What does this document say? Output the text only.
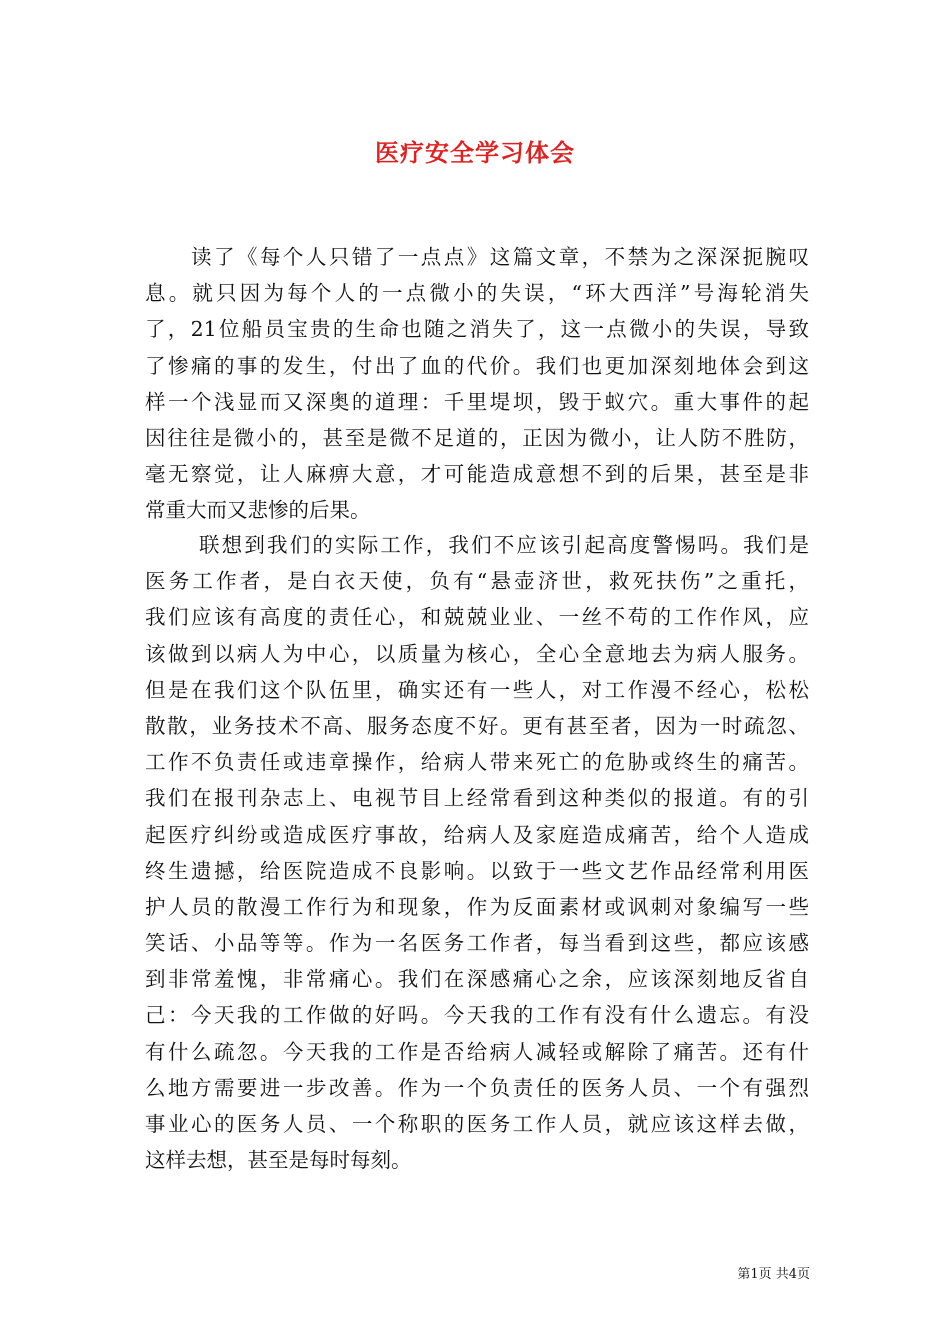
医疗安全学习体会
读了《每个人只错了一点点》这篇文章，不禁为之深深扼腕叹
息。就只因为每个人的一点微小的失误，“环大西洋”号海轮消失
了，21位船员宝贵的生命也随之消失了，这一点微小的失误，导致
了惨痛的事的发生，付出了血的代价。我们也更加深刻地体会到这
样一个浅显而又深奥的道理：千里堤坝，毁于蚁穴。重大事件的起
因往往是微小的，甚至是微不足道的，正因为微小，让人防不胜防，
毫无察觉，让人麻痹大意，才可能造成意想不到的后果，甚至是非
常重大而又悲惨的后果。
联想到我们的实际工作，我们不应该引起高度警惕吗。我们是
医务工作者，是白衣天使，负有“悬壶济世，救死扶伤”之重托，
我们应该有高度的责任心，和兢兢业业、一丝不苟的工作作风，应
该做到以病人为中心，以质量为核心，全心全意地去为病人服务。
但是在我们这个队伍里，确实还有一些人，对工作漫不经心，松松
散散，业务技术不高、服务态度不好。更有甚至者，因为一时疏忽、
工作不负责任或违章操作，给病人带来死亡的危胁或终生的痛苦。
我们在报刊杂志上、电视节目上经常看到这种类似的报道。有的引
起医疗纠纷或造成医疗事故，给病人及家庭造成痛苦，给个人造成
终生遗撼，给医院造成不良影响。以致于一些文艺作品经常利用医
护人员的散漫工作行为和现象，作为反面素材或讽刺对象编写一些
笑话、小品等等。作为一名医务工作者，每当看到这些，都应该感
到非常羞愧，非常痛心。我们在深感痛心之余，应该深刻地反省自
己：今天我的工作做的好吗。今天我的工作有没有什么遗忘。有没
有什么疏忽。今天我的工作是否给病人减轻或解除了痛苦。还有什
么地方需要进一步改善。作为一个负责任的医务人员、一个有强烈
事业心的医务人员、一个称职的医务工作人员，就应该这样去做，
这样去想，甚至是每时每刻。
第1页 共4页
